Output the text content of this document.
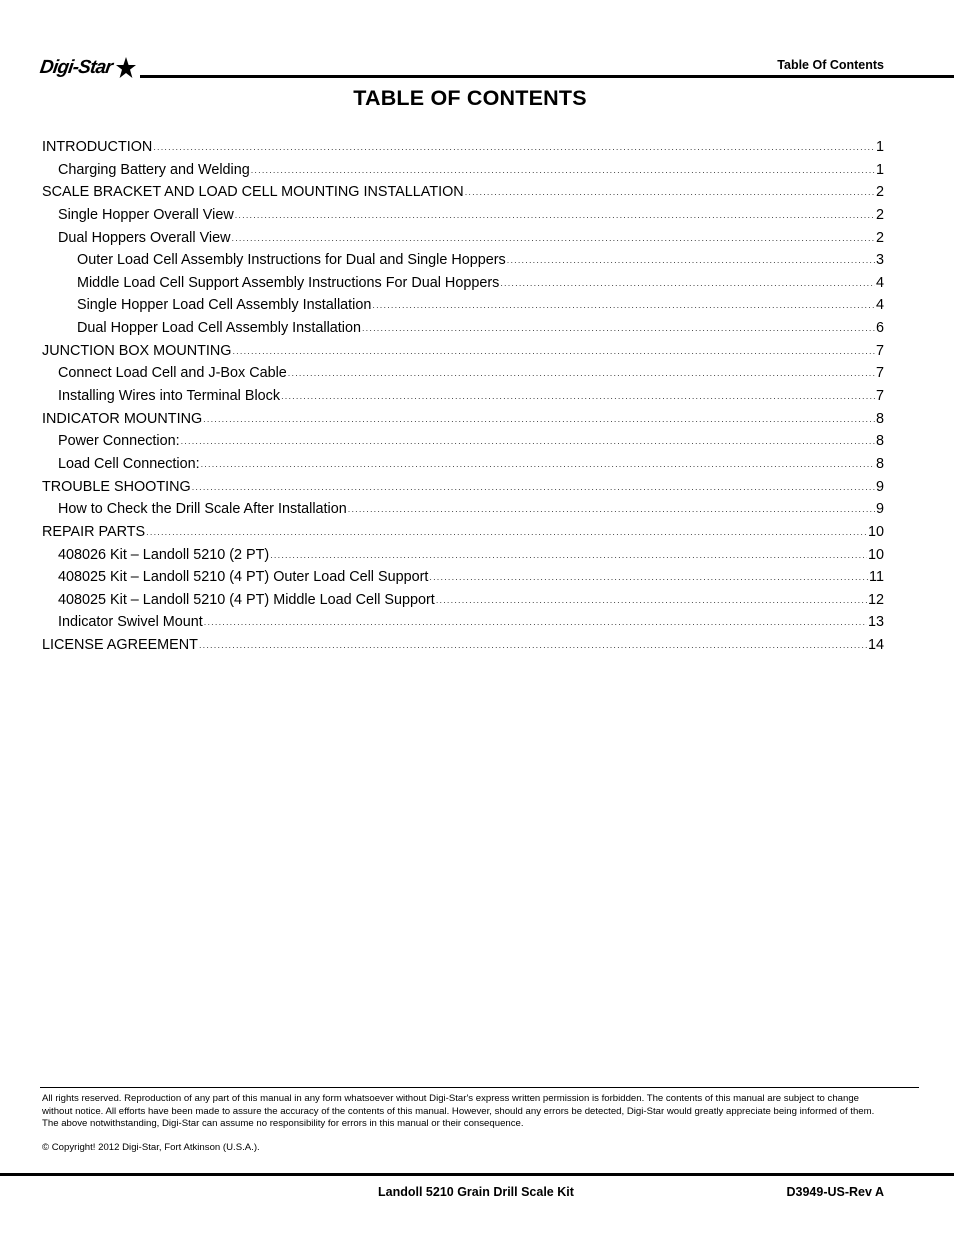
Digi-Star	Table Of Contents
TABLE OF CONTENTS
INTRODUCTION .....	1
Charging Battery and Welding .....	1
SCALE BRACKET AND LOAD CELL MOUNTING INSTALLATION .....	2
Single Hopper Overall View .....	2
Dual Hoppers Overall View .....	2
Outer Load Cell Assembly Instructions for Dual and Single Hoppers .....	3
Middle Load Cell Support Assembly Instructions For Dual Hoppers .....	4
Single Hopper Load Cell Assembly Installation .....	4
Dual Hopper Load Cell Assembly Installation .....	6
JUNCTION BOX MOUNTING .....	7
Connect Load Cell and J-Box Cable .....	7
Installing Wires into Terminal Block .....	7
INDICATOR MOUNTING .....	8
Power Connection: .....	8
Load Cell Connection: .....	8
TROUBLE SHOOTING .....	9
How to Check the Drill Scale After Installation .....	9
REPAIR PARTS .....	10
408026 Kit – Landoll 5210 (2 PT) .....	10
408025 Kit – Landoll 5210 (4 PT) Outer Load Cell Support .....	11
408025 Kit – Landoll 5210 (4 PT) Middle Load Cell Support .....	12
Indicator Swivel Mount .....	13
LICENSE AGREEMENT .....	14
All rights reserved. Reproduction of any part of this manual in any form whatsoever without Digi-Star's express written permission is forbidden. The contents of this manual are subject to change without notice. All efforts have been made to assure the accuracy of the contents of this manual. However, should any errors be detected, Digi-Star would greatly appreciate being informed of them. The above notwithstanding, Digi-Star can assume no responsibility for errors in this manual or their consequence.
© Copyright! 2012 Digi-Star, Fort Atkinson (U.S.A.).
Landoll 5210 Grain Drill Scale Kit	D3949-US-Rev A
